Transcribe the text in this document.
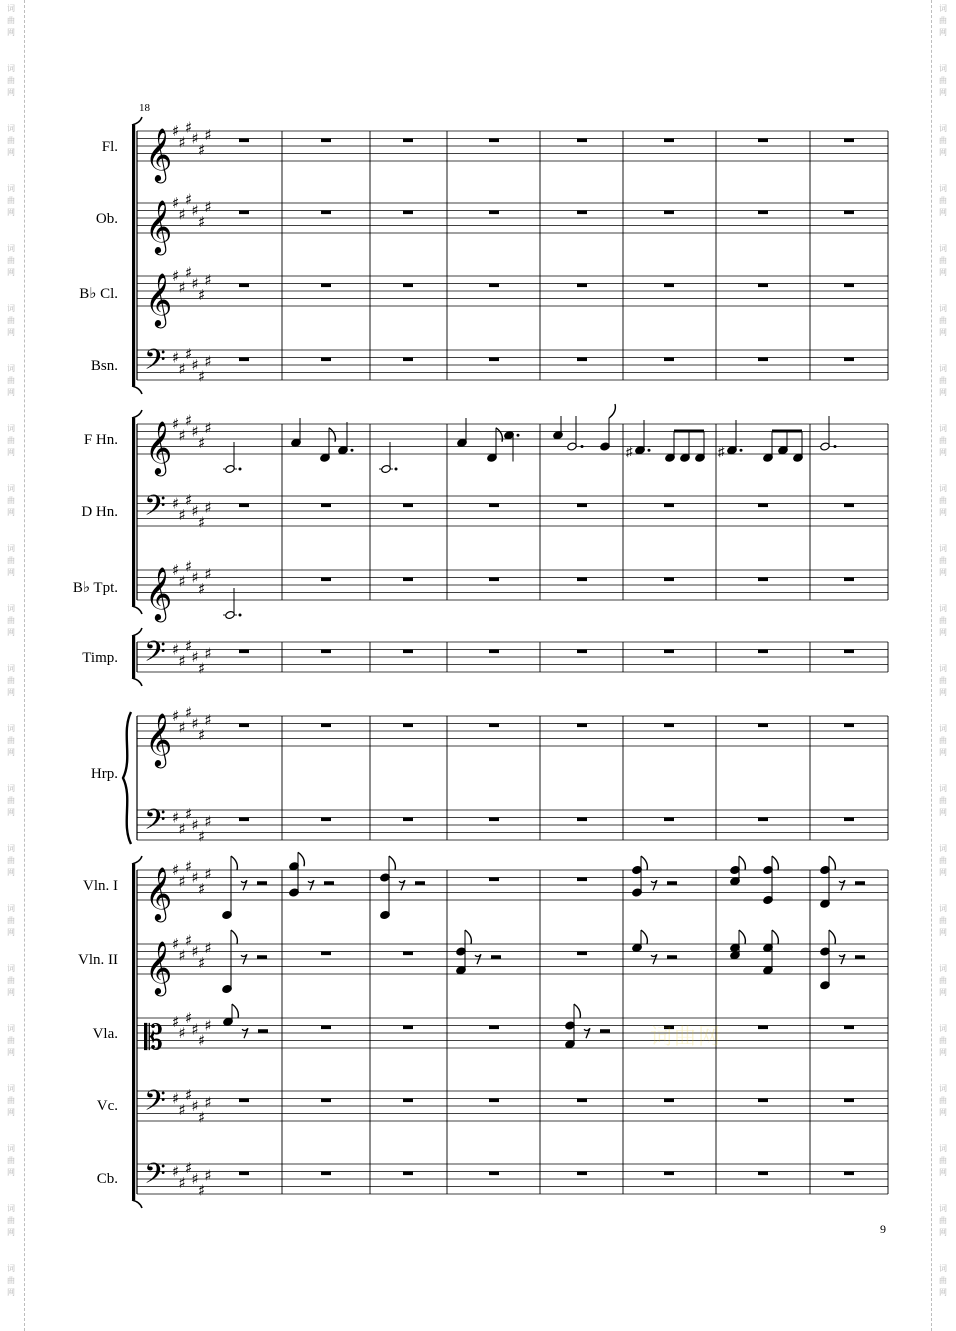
词
曲
网
词
曲
网
词
曲
网
词
曲
网
词
曲
网
词
曲
网
词
曲
网
词
曲
网
词
曲
网
词
曲
网
词
曲
网
词
曲
网
词
曲
网
词
曲
网
词
曲
网
词
曲
网
词
曲
网
词
曲
网
词
曲
网
词
曲
网
词
曲
网
词
曲
网
词
曲
网
词
曲
网
词
曲
网
词
曲
网
词
曲
网
词
曲
网
词
曲
网
词
曲
网
词
曲
网
词
曲
网
词
曲
网
词
曲
网
词
曲
网
词
曲
网
词
曲
网
词
曲
网
词
曲
网
词
曲
网
词
曲
网
词
曲
网
词
曲
网
词
曲
网
18
9
Fl.
Ob.
B♭ Cl.
Bsn.
F Hn.
D Hn.
B♭ Tpt.
Timp.
Hrp.
Vln. I
Vln. II
Vla.
Vc.
Cb.
𝄞
𝄞
𝄞
𝄢
𝄞
𝄢
𝄞
𝄢
𝄞
𝄢
𝄞
𝄞
𝄡
𝄢
𝄢
♯
♯
♯
♯
♯
♯
♯
♯
♯
♯
♯
♯
♯
♯
♯
♯
♯
♯
♯
♯
♯
♯
♯
♯
♯
♯
♯
♯
♯
♯
♯
♯
♯
♯
♯
♯
♯
♯
♯
♯
♯
♯
♯
♯
♯
♯
♯
♯
♯
♯
♯
♯
♯
♯
♯
♯
♯
♯
♯
♯
♯
♯
♯
♯
♯
♯
♯
♯
♯
♯
♯
♯
♯
♯
♯
♯
♯
♯
♯
♯
♯
♯
♯
♯
♯
♯
♯
♯
♯
♯
♯	♯
词曲网
